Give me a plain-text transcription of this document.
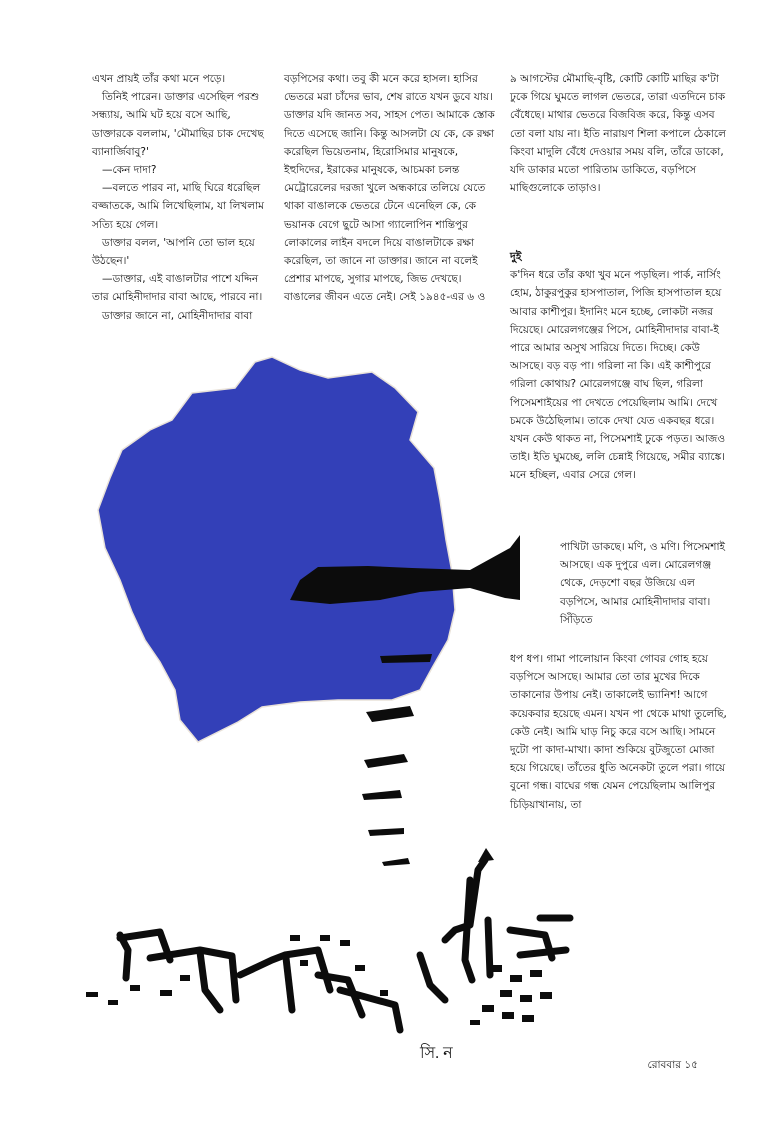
এখন প্রায়ই তাঁর কথা মনে পড়ে।

তিনিই পারেন। ডাক্তার এসেছিল পরশু সন্ধ্যায়, আমি ঘট হয়ে বসে আছি, ডাক্তারকে বললাম, 'মৌমাছির চাক দেখেছ ব্যানার্জিবাবু?'

—কেন দাদা?

—বলতে পারব না, মাছি ঘিরে ধরেছিল বজ্জাতকে, আমি লিখেছিলাম, যা লিখলাম সত্যি হয়ে গেল।

ডাক্তার বলল, 'আপনি তো ভাল হয়ে উঠছেন।'

—ডাক্তার, এই বাঙালটার পাশে যদ্দিন তার মোহিনীদাদার বাবা আছে, পারবে না।

ডাক্তার জানে না, মোহিনীদাদার বাবা

বড়পিসের কথা। তবু কী মনে করে হাসল। হাসির ভেতরে মরা চাঁদের ভাব, শেষ রাতে যখন ডুবে যায়। ডাক্তার যদি জানত সব, সাহস পেত। আমাকে স্তোক দিতে এসেছে জানি। কিন্তু আসলটা যে কে, কে রক্ষা করেছিল ভিয়েতনাম, হিরোসিমার মানুষকে, ইহুদিদের, ইরাকের মানুষকে, আচমকা চলন্ত মেট্রোরেলের দরজা খুলে অন্ধকারে তলিয়ে যেতে থাকা বাঙালকে ভেতরে টেনে এনেছিল কে, কে ভয়ানক বেগে ছুটে আসা গ্যালোপিন শান্তিপুর লোকালের লাইন বদলে দিয়ে বাঙালটাকে রক্ষা করেছিল, তা জানে না ডাক্তার। জানে না বলেই প্রেশার মাপছে, সুগার মাপছে, জিভ দেখছে। বাঙালের জীবন এতে নেই। সেই ১৯৪৫-এর ৬ ও

৯ আগস্টের মৌমাছি-বৃষ্টি, কোটি কোটি মাছির ক'টা ঢুকে গিয়ে ঘুমতে লাগল ভেতরে, তারা এতদিনে চাক বেঁধেছে। মাথার ভেতরে বিজবিজ করে, কিন্তু এসব তো বলা যায় না। ইতি নারায়ণ শিলা কপালে ঠেকালে কিংবা মাদুলি বেঁধে দেওয়ার সময় বলি, তাঁরে ডাকো, যদি ডাকার মতো পারিতাম ডাকিতে, বড়পিসে মাছিগুলোকে তাড়াও।

দুই

ক'দিন ধরে তাঁর কথা খুব মনে পড়ছিল। পার্ক, নার্সিং হোম, ঠাকুরপুকুর হাসপাতাল, পিজি হাসপাতাল হয়ে আবার কাশীপুর। ইদানিং মনে হচ্ছে, লোকটা নজর দিয়েছে। মোরেলগঞ্জের পিসে, মোহিনীদাদার বাবা-ই পারে আমার অসুখ সারিয়ে দিতে। দিচ্ছে। কেউ আসছে। বড় বড় পা। গরিলা না কি। এই কাশীপুরে গরিলা কোথায়? মোরেলগঞ্জে বাঘ ছিল, গরিলা পিসেমশাইয়ের পা দেখতে পেয়েছিলাম আমি। দেখে চমকে উঠেছিলাম। তাকে দেখা যেত একবছর ধরে। যখন কেউ থাকত না, পিসেমশাই ঢুকে পড়ত। আজও তাই। ইতি ঘুমচ্ছে, ললি চেন্নাই গিয়েছে, সমীর ব্যাঙ্কে। মনে হচ্ছিল, এবার সেরে গেল।

পাখিটা ডাকছে। মণি, ও মণি। পিসেমশাই আসছে। এক দুপুরে এল। মোরেলগঞ্জ থেকে, দেড়শো বছর উজিয়ে এল বড়পিসে, আমার মোহিনীদাদার বাবা। সিঁড়িতে

ধপ ধপ। গামা পালোয়ান কিংবা গোবর গোহ হয়ে বড়পিসে আসছে। আমার তো তার মুখের দিকে তাকানোর উপায় নেই। তাকালেই ভ্যানিশ! আগে কয়েকবার হয়েছে এমন। যখন পা থেকে মাথা তুলেছি, কেউ নেই। আমি ঘাড় নিচু করে বসে আছি। সামনে দুটো পা কাদা-মাখা। কাদা শুকিয়ে বুটজুতো মোজা হয়ে গিয়েছে। তাঁতের ধুতি অনেকটা তুলে পরা। গায়ে বুনো গন্ধ। বাঘের গন্ধ যেমন পেয়েছিলাম আলিপুর চিড়িয়াখানায়, তা

সি. ন
রোববার ১৫
